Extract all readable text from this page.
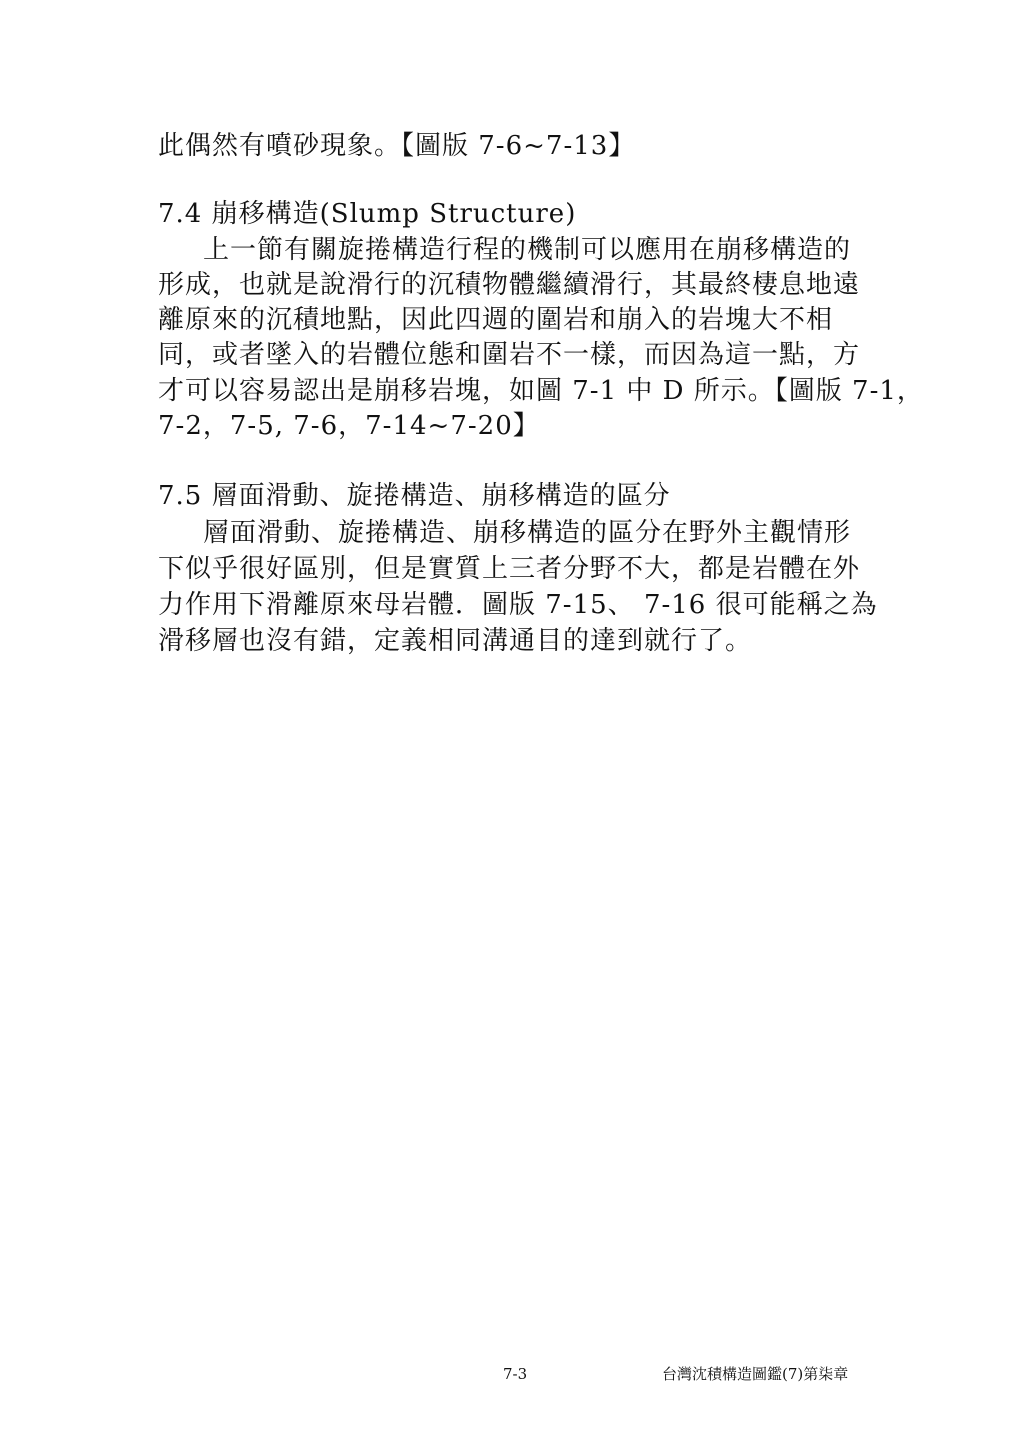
此偶然有噴砂現象。【圖版 7-6~7-13】
7.4 崩移構造(Slump Structure)
上一節有關旋捲構造行程的機制可以應用在崩移構造的
形成，也就是說滑行的沉積物體繼續滑行，其最終棲息地遠
離原來的沉積地點，因此四週的圍岩和崩入的岩塊大不相
同，或者墜入的岩體位態和圍岩不一樣，而因為這一點，方
才可以容易認出是崩移岩塊，如圖 7-1 中 D 所示。【圖版 7-1，
7-2，7-5, 7-6，7-14~7-20】
7.5 層面滑動、旋捲構造、崩移構造的區分
層面滑動、旋捲構造、崩移構造的區分在野外主觀情形
下似乎很好區別，但是實質上三者分野不大，都是岩體在外
力作用下滑離原來母岩體．圖版 7-15、 7-16 很可能稱之為
滑移層也沒有錯，定義相同溝通目的達到就行了。
7-3	台灣沈積構造圖鑑(7)第柒章
